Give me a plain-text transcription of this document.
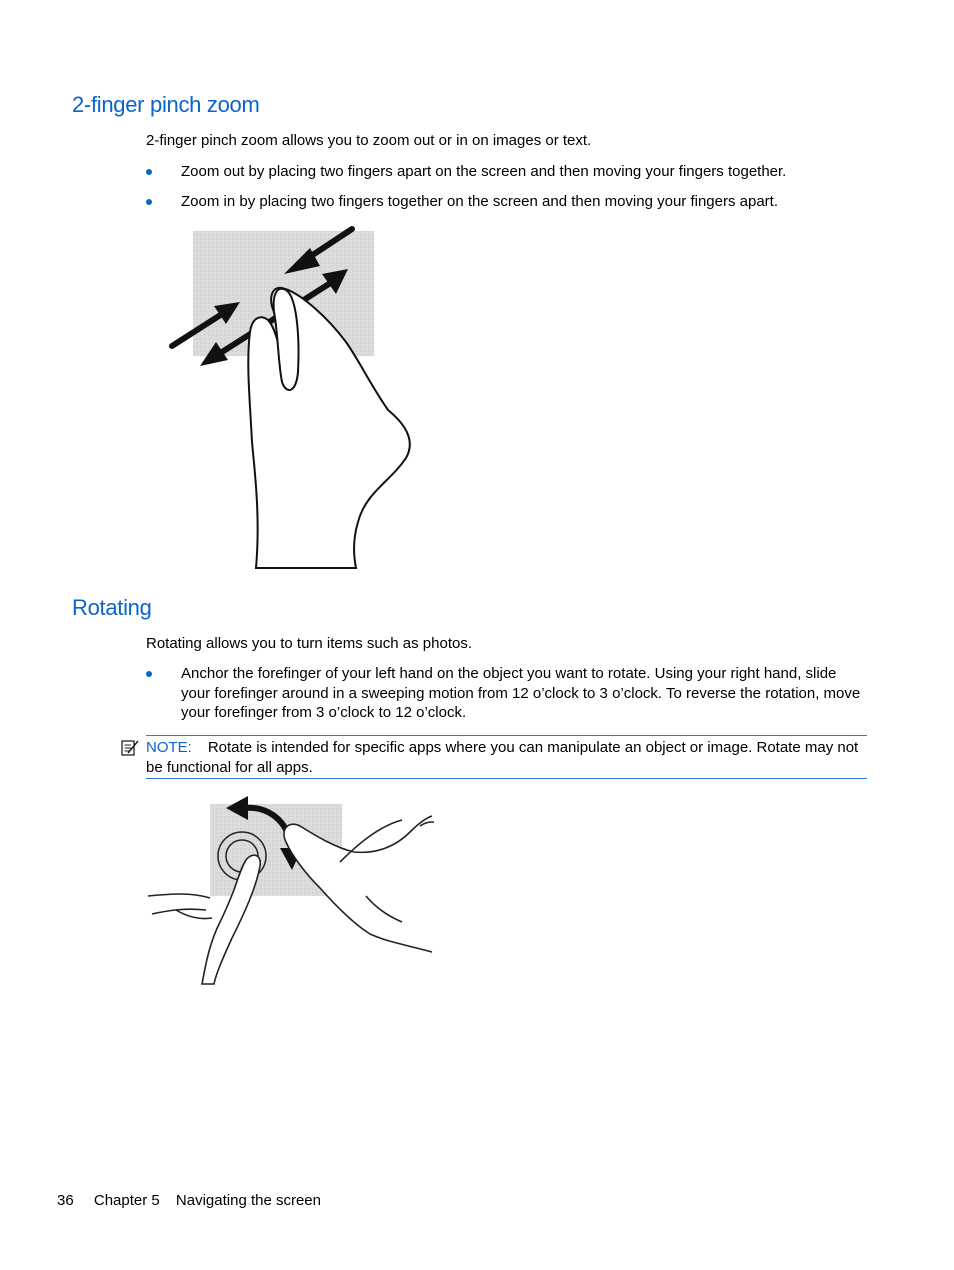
2-finger pinch zoom

2-finger pinch zoom allows you to zoom out or in on images or text.

Zoom out by placing two fingers apart on the screen and then moving your fingers together.

Zoom in by placing two fingers together on the screen and then moving your fingers apart.

Rotating

Rotating allows you to turn items such as photos.

Anchor the forefinger of your left hand on the object you want to rotate. Using your right hand, slide your forefinger around in a sweeping motion from 12 o’clock to 3 o’clock. To reverse the rotation, move your forefinger from 3 o’clock to 12 o’clock.

NOTE: Rotate is intended for specific apps where you can manipulate an object or image. Rotate may not be functional for all apps.
36 Chapter 5 Navigating the screen
